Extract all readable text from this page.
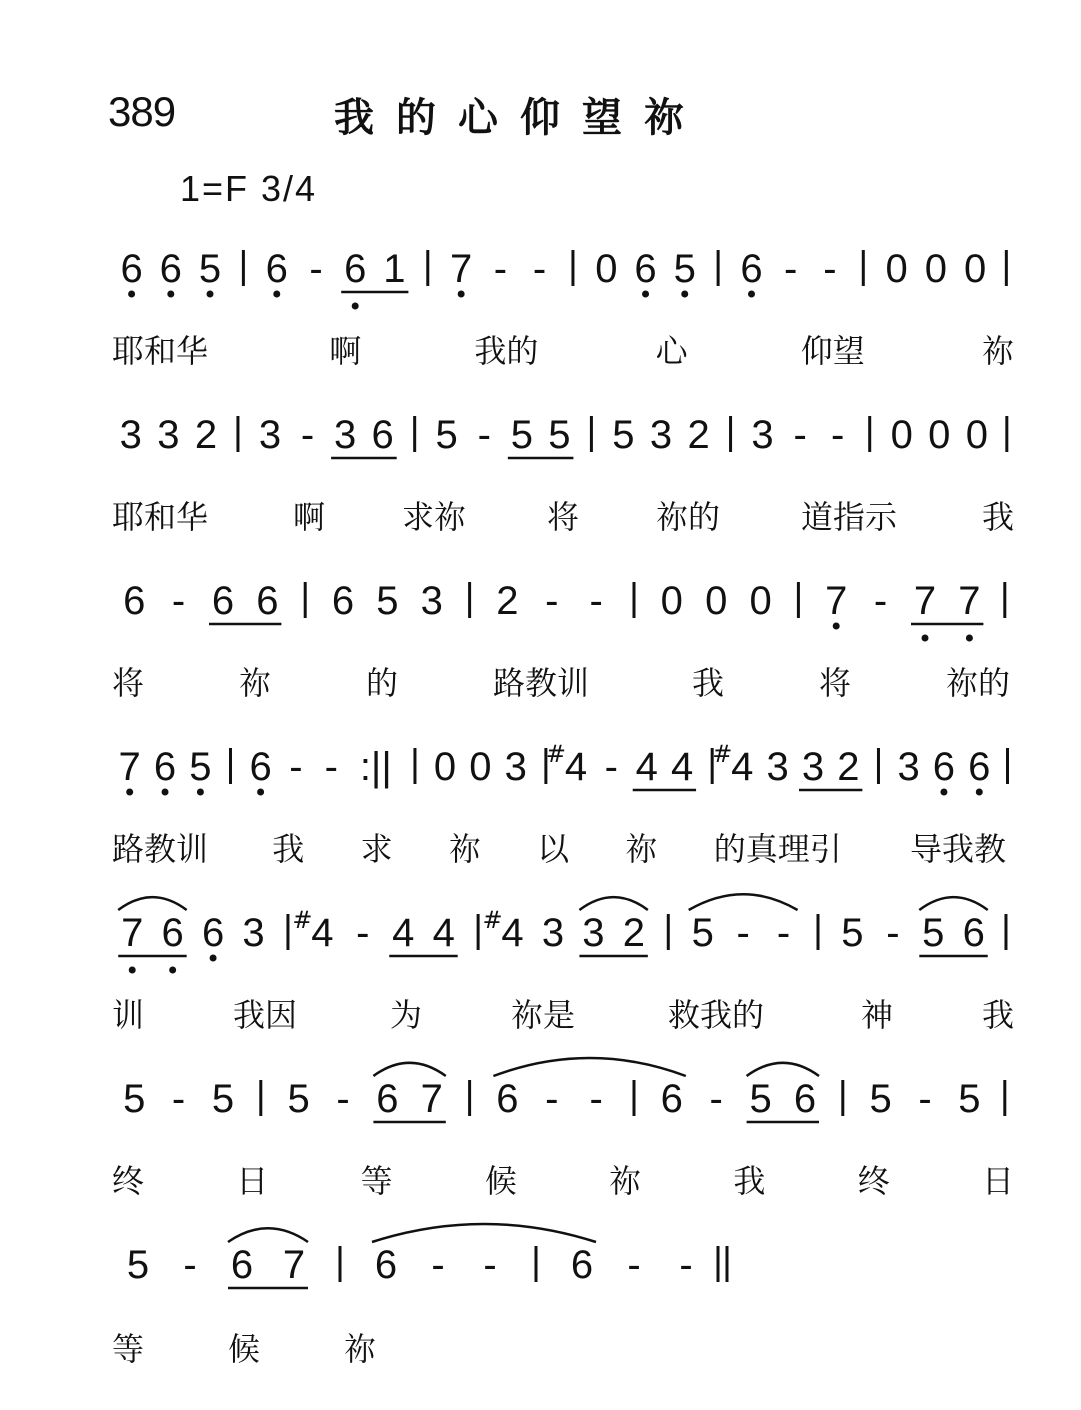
389	我的心仰望祢
1=F 3/4
6 6 5 6 - 6 1 7 - - 0 6 5 6 - - 0 0 0
耶和华	啊	我的	心	仰望	祢
3 3 2 3 - 3 6 5 - 5 5 5 3 2 3 - - 0 0 0
耶和华	啊 求祢	将 祢的	道指示	我
6 - 6 6 6 5 3 2 - - 0 0 0 7 - 7 7
将	祢	的	路教训	我	将	祢的
7 6 5 6 - - :|| 0 0 3 4
# - 4 4 4
# 3 3 2 3 6 6
路教训 我 求 祢 以 祢 的真理引 导我教
7 6 6 3 4
# - 4 4 4
# 3 3 2 5 - - 5 - 5 6
训	我因	为	祢是	救我的	神	我
5 - 5 5 - 6 7 6 - - 6 - 5 6 5 - 5
终	日	等	候	祢	我	终	日
5 - 6 7 6 - - 6 - -
等	候	祢
